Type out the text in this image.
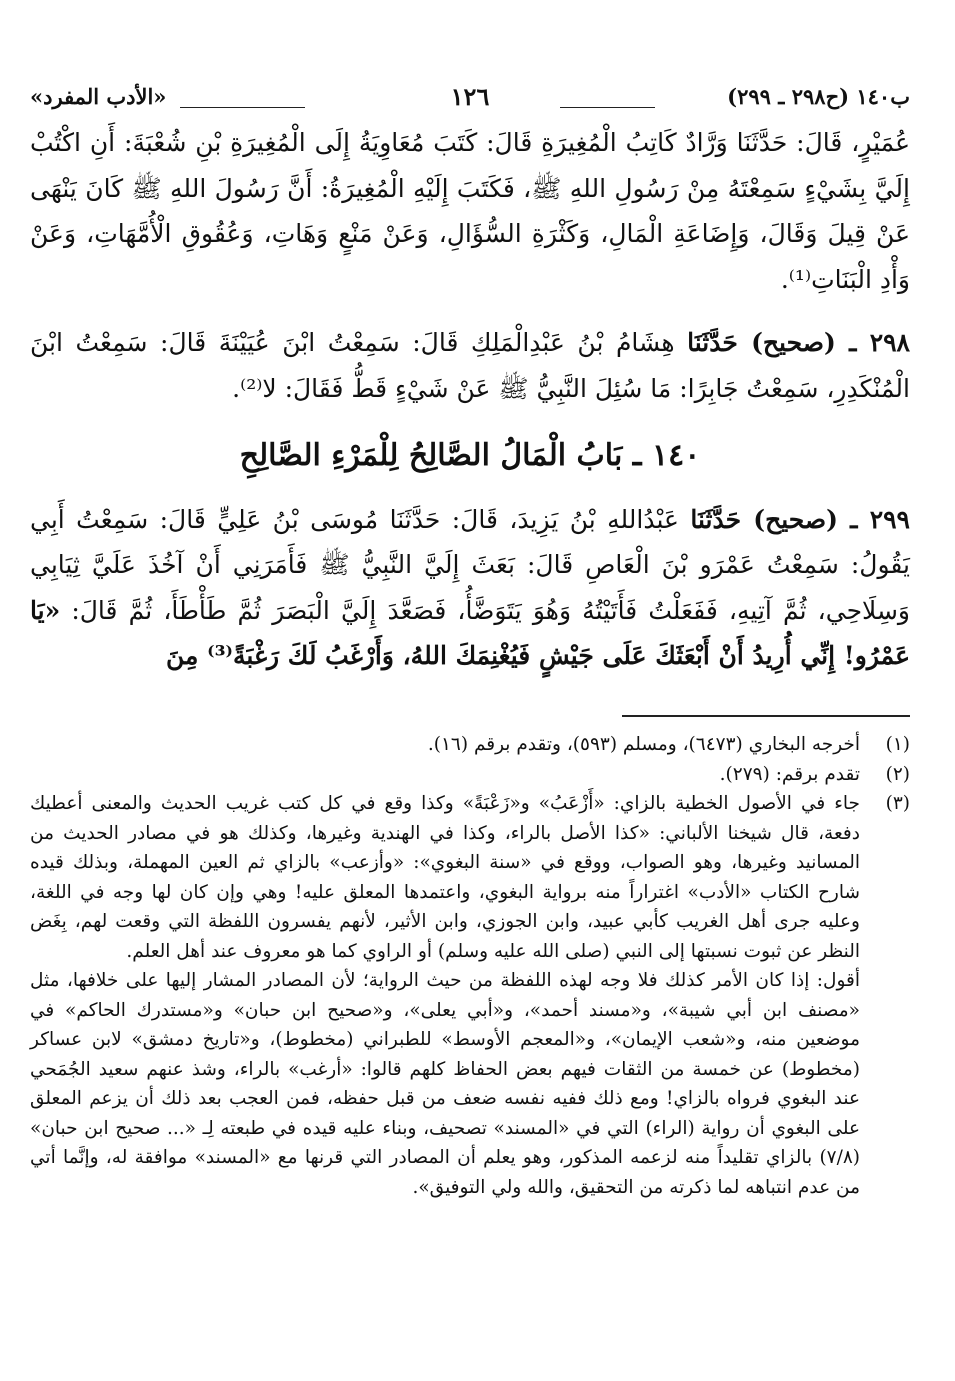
ب١٤٠ (ح٢٩٨ ـ ٢٩٩)
١٢٦
«الأدب المفرد»

عُمَيْرٍ، قَالَ: حَدَّثَنَا وَرَّادٌ كَاتِبُ الْمُغِيرَةِ قَالَ: كَتَبَ مُعَاوِيَةُ إِلَى الْمُغِيرَةِ بْنِ شُعْبَةَ: أَنِ اكْتُبْ إِلَيَّ بِشَيْءٍ سَمِعْتَهُ مِنْ رَسُولِ اللهِ ﷺ، فَكَتَبَ إِلَيْهِ الْمُغِيرَةُ: أَنَّ رَسُولَ اللهِ ﷺ كَانَ يَنْهَى عَنْ قِيلَ وَقَالَ، وَإِضَاعَةِ الْمَالِ، وَكَثْرَةِ السُّؤَالِ، وَعَنْ مَنْعٍ وَهَاتِ، وَعُقُوقِ الْأُمَّهَاتِ، وَعَنْ وَأْدِ الْبَنَاتِ⁽¹⁾.

٢٩٨ ـ (صحيح) حَدَّثَنَا هِشَامُ بْنُ عَبْدِالْمَلِكِ قَالَ: سَمِعْتُ ابْنَ عُيَيْنَةَ قَالَ: سَمِعْتُ ابْنَ الْمُنْكَدِرِ، سَمِعْتُ جَابِرًا: مَا سُئِلَ النَّبِيُّ ﷺ عَنْ شَيْءٍ قَطُّ فَقَالَ: لا⁽²⁾.

١٤٠ ـ بَابُ الْمَالُ الصَّالِحُ لِلْمَرْءِ الصَّالِحِ

٢٩٩ ـ (صحيح) حَدَّثَنَا عَبْدُاللهِ بْنُ يَزِيدَ، قَالَ: حَدَّثَنَا مُوسَى بْنُ عَلِيٍّ قَالَ: سَمِعْتُ أَبِي يَقُولُ: سَمِعْتُ عَمْرَو بْنَ الْعَاصِ قَالَ: بَعَثَ إِلَيَّ النَّبِيُّ ﷺ فَأَمَرَنِي أَنْ آخُذَ عَلَيَّ ثِيَابِي وَسِلَاحِي، ثُمَّ آتِيهِ، فَفَعَلْتُ فَأَتَيْتُهُ وَهُوَ يَتَوَضَّأُ، فَصَعَّدَ إِلَيَّ الْبَصَرَ ثُمَّ طَأْطَأَ، ثُمَّ قَالَ: «يَا عَمْرُو! إِنِّي أُرِيدُ أَنْ أَبْعَثَكَ عَلَى جَيْشٍ فَيُغْنِمَكَ اللهُ، وَأَرْغَبُ لَكَ رَغْبَةً⁽³⁾ مِنَ

(١)

أخرجه البخاري (٦٤٧٣)، ومسلم (٥٩٣)، وتقدم برقم (١٦).

(٢)

تقدم برقم: (٢٧٩).

(٣)

جاء في الأصول الخطية بالزاي: «أَزْعَبُ» و«زَعْبَةً» وكذا وقع في كل كتب غريب الحديث والمعنى أعطيك دفعة، قال شيخنا الألباني: «كذا الأصل بالراء، وكذا في الهندية وغيرها، وكذلك هو في مصادر الحديث من المسانيد وغيرها، وهو الصواب، ووقع في «سنة البغوي»: «وأزعب» بالزاي ثم العين المهملة، وبذلك قيده شارح الكتاب «الأدب» اغتراراً منه برواية البغوي، واعتمدها المعلق عليه! وهي وإن كان لها وجه في اللغة، وعليه جرى أهل الغريب كأبي عبيد، وابن الجوزي، وابن الأثير، لأنهم يفسرون اللفظة التي وقعت لهم، بِغَض النظر عن ثبوت نسبتها إلى النبي (صلى الله عليه وسلم) أو الراوي كما هو معروف عند أهل العلم.

أقول: إذا كان الأمر كذلك فلا وجه لهذه اللفظة من حيث الرواية؛ لأن المصادر المشار إليها على خلافها، مثل «مصنف ابن أبي شيبة»، و«مسند أحمد»، و«أبي يعلى»، و«صحيح ابن حبان» و«مستدرك الحاكم» في موضعين منه، و«شعب الإيمان»، و«المعجم الأوسط» للطبراني (مخطوط)، و«تاريخ دمشق» لابن عساكر (مخطوط) عن خمسة من الثقات فيهم بعض الحفاظ كلهم قالوا: «أرغب» بالراء، وشذ عنهم سعيد الجُمَحي عند البغوي فرواه بالزاي! ومع ذلك ففيه نفسه ضعف من قبل حفظه، فمن العجب بعد ذلك أن يزعم المعلق على البغوي أن رواية (الراء) التي في «المسند» تصحيف، وبناء عليه قيده في طبعته لِـ «... صحيح ابن حبان» (٧/٨) بالزاي تقليداً منه لزعمه المذكور، وهو يعلم أن المصادر التي قرنها مع «المسند» موافقة له، وإنَّما أتي من عدم انتباهه لما ذكرته من التحقيق، والله ولي التوفيق».
